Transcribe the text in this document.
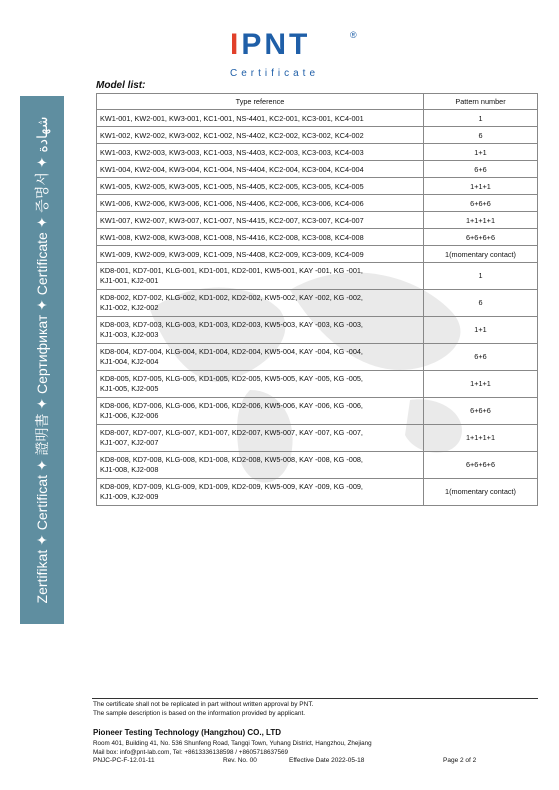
Zertifikat ✦ Certificat ✦ 證明書 ✦ Сертификат ✦ Certificate ✦ 증명서 ✦ شهادة
IPNT	®
Certificate
Model list:
Type reference	Pattern number
KW1-001, KW2-001, KW3-001, KC1-001, NS-4401, KC2-001, KC3-001, KC4-001	1
KW1-002, KW2-002, KW3-002, KC1-002, NS-4402, KC2-002, KC3-002, KC4-002	6
KW1-003, KW2-003, KW3-003, KC1-003, NS-4403, KC2-003, KC3-003, KC4-003	1+1
KW1-004, KW2-004, KW3-004, KC1-004, NS-4404, KC2-004, KC3-004, KC4-004	6+6
KW1-005, KW2-005, KW3-005, KC1-005, NS-4405, KC2-005, KC3-005, KC4-005	1+1+1
KW1-006, KW2-006, KW3-006, KC1-006, NS-4406, KC2-006, KC3-006, KC4-006	6+6+6
KW1-007, KW2-007, KW3-007, KC1-007, NS-4415, KC2-007, KC3-007, KC4-007	1+1+1+1
KW1-008, KW2-008, KW3-008, KC1-008, NS-4416, KC2-008, KC3-008, KC4-008	6+6+6+6
KW1-009, KW2-009, KW3-009, KC1-009, NS-4408, KC2-009, KC3-009, KC4-009	1(momentary contact)
KD8-001, KD7-001, KLG-001, KD1-001, KD2-001, KW5-001, KAY -001, KG -001,
KJ1-001, KJ2-001	1
KD8-002, KD7-002, KLG-002, KD1-002, KD2-002, KW5-002, KAY -002, KG -002,
KJ1-002, KJ2-002	6
KD8-003, KD7-003, KLG-003, KD1-003, KD2-003, KW5-003, KAY -003, KG -003,
KJ1-003, KJ2-003	1+1
KD8-004, KD7-004, KLG-004, KD1-004, KD2-004, KW5-004, KAY -004, KG -004,
KJ1-004, KJ2-004	6+6
KD8-005, KD7-005, KLG-005, KD1-005, KD2-005, KW5-005, KAY -005, KG -005,
KJ1-005, KJ2-005	1+1+1
KD8-006, KD7-006, KLG-006, KD1-006, KD2-006, KW5-006, KAY -006, KG -006,
KJ1-006, KJ2-006	6+6+6
KD8-007, KD7-007, KLG-007, KD1-007, KD2-007, KW5-007, KAY -007, KG -007,
KJ1-007, KJ2-007	1+1+1+1
KD8-008, KD7-008, KLG-008, KD1-008, KD2-008, KW5-008, KAY -008, KG -008,
KJ1-008, KJ2-008	6+6+6+6
KD8-009, KD7-009, KLG-009, KD1-009, KD2-009, KW5-009, KAY -009, KG -009,
KJ1-009, KJ2-009	1(momentary contact)
The certificate shall not be replicated in part without written approval by PNT.
The sample description is based on the information provided by applicant.
Pioneer Testing Technology (Hangzhou) CO., LTD
Room 401, Building 41, No. 536 Shunfeng Road, Tangqi Town, Yuhang District, Hangzhou, Zhejiang
Mail box: info@pnt-lab.com, Tel: +8613336138598 / +8605718637569
PNJC-PC-F-12.01-11	Rev. No. 00	Effective Date 2022-05-18	Page 2 of 2
